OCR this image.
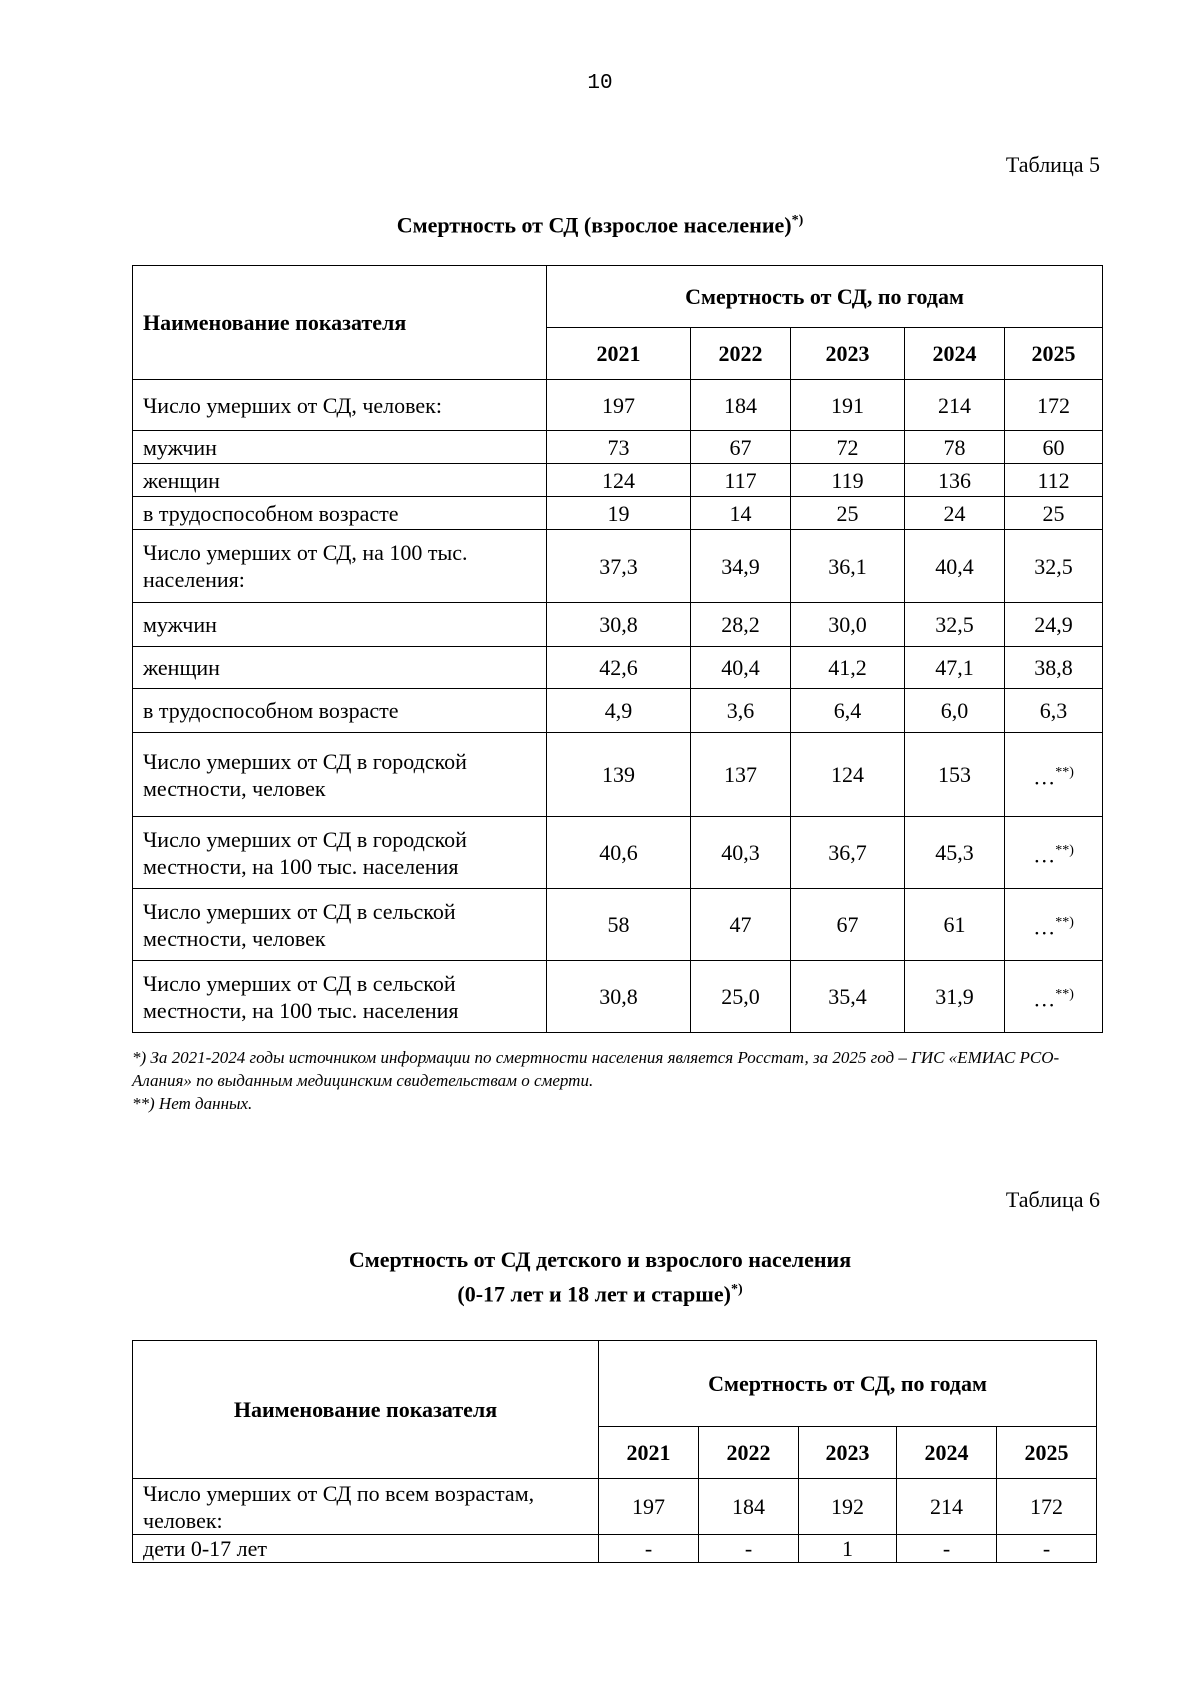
10
Таблица 5
Смертность от СД (взрослое население)*)
Наименование показателя	Смертность от СД, по годам				
	2021	2022	2023	2024	2025
Число умерших от СД, человек:	197	184	191	214	172
мужчин	73	67	72	78	60
женщин	124	117	119	136	112
в трудоспособном возрасте	19	14	25	24	25
Число умерших от СД, на 100 тыс. населения:	37,3	34,9	36,1	40,4	32,5
мужчин	30,8	28,2	30,0	32,5	24,9
женщин	42,6	40,4	41,2	47,1	38,8
в трудоспособном возрасте	4,9	3,6	6,4	6,0	6,3
Число умерших от СД в городской местности, человек	139	137	124	153	…**)
Число умерших от СД в городской местности, на 100 тыс. населения	40,6	40,3	36,7	45,3	…**)
Число умерших от СД в сельской местности, человек	58	47	67	61	…**)
Число умерших от СД в сельской местности, на 100 тыс. населения	30,8	25,0	35,4	31,9	…**)
*) За 2021-2024 годы источником информации по смертности населения является Росстат, за 2025 год – ГИС «ЕМИАС РСО-Алания» по выданным медицинским свидетельствам о смерти.
**) Нет данных.
Таблица 6
Смертность от СД детского и взрослого населения
(0-17 лет и 18 лет и старше)*)
Наименование показателя	Смертность от СД, по годам				
	2021	2022	2023	2024	2025
Число умерших от СД по всем возрастам, человек:	197	184	192	214	172
дети 0-17 лет	-	-	1	-	-
